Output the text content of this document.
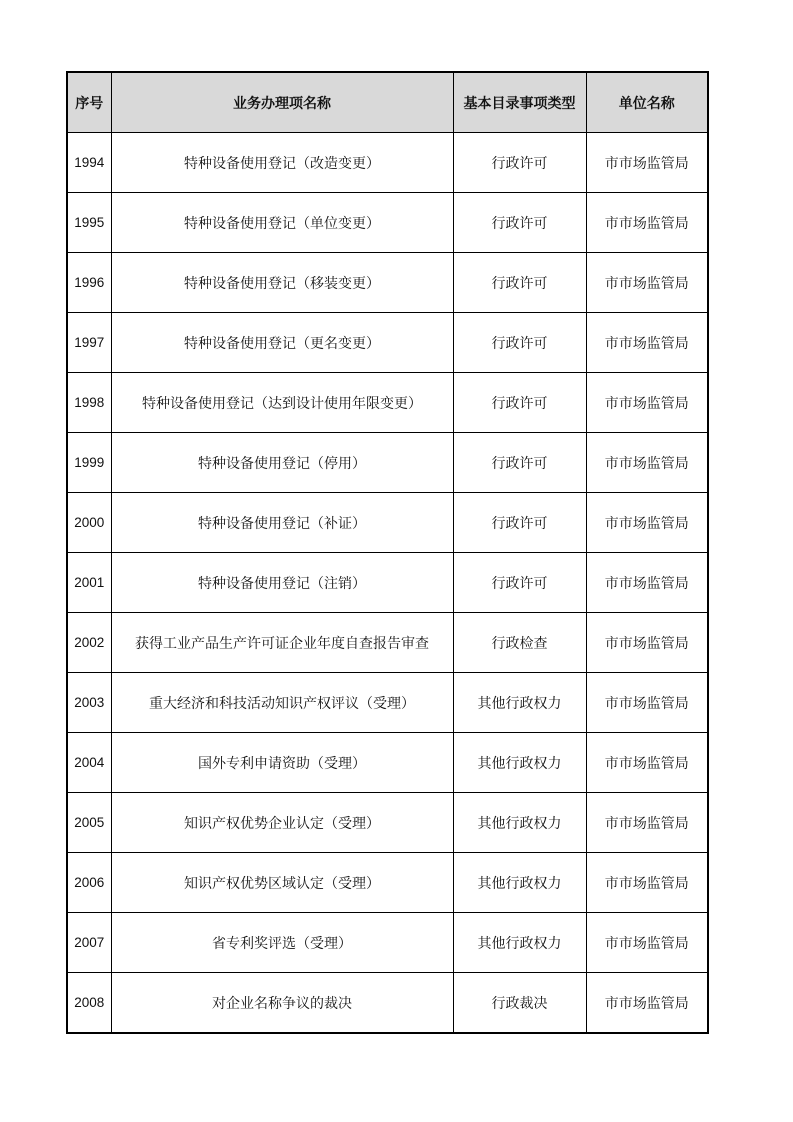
序号	业务办理项名称	基本目录事项类型	单位名称
1994	特种设备使用登记（改造变更）	行政许可	市市场监管局
1995	特种设备使用登记（单位变更）	行政许可	市市场监管局
1996	特种设备使用登记（移装变更）	行政许可	市市场监管局
1997	特种设备使用登记（更名变更）	行政许可	市市场监管局
1998	特种设备使用登记（达到设计使用年限变更）	行政许可	市市场监管局
1999	特种设备使用登记（停用）	行政许可	市市场监管局
2000	特种设备使用登记（补证）	行政许可	市市场监管局
2001	特种设备使用登记（注销）	行政许可	市市场监管局
2002	获得工业产品生产许可证企业年度自查报告审查	行政检查	市市场监管局
2003	重大经济和科技活动知识产权评议（受理）	其他行政权力	市市场监管局
2004	国外专利申请资助（受理）	其他行政权力	市市场监管局
2005	知识产权优势企业认定（受理）	其他行政权力	市市场监管局
2006	知识产权优势区域认定（受理）	其他行政权力	市市场监管局
2007	省专利奖评选（受理）	其他行政权力	市市场监管局
2008	对企业名称争议的裁决	行政裁决	市市场监管局
